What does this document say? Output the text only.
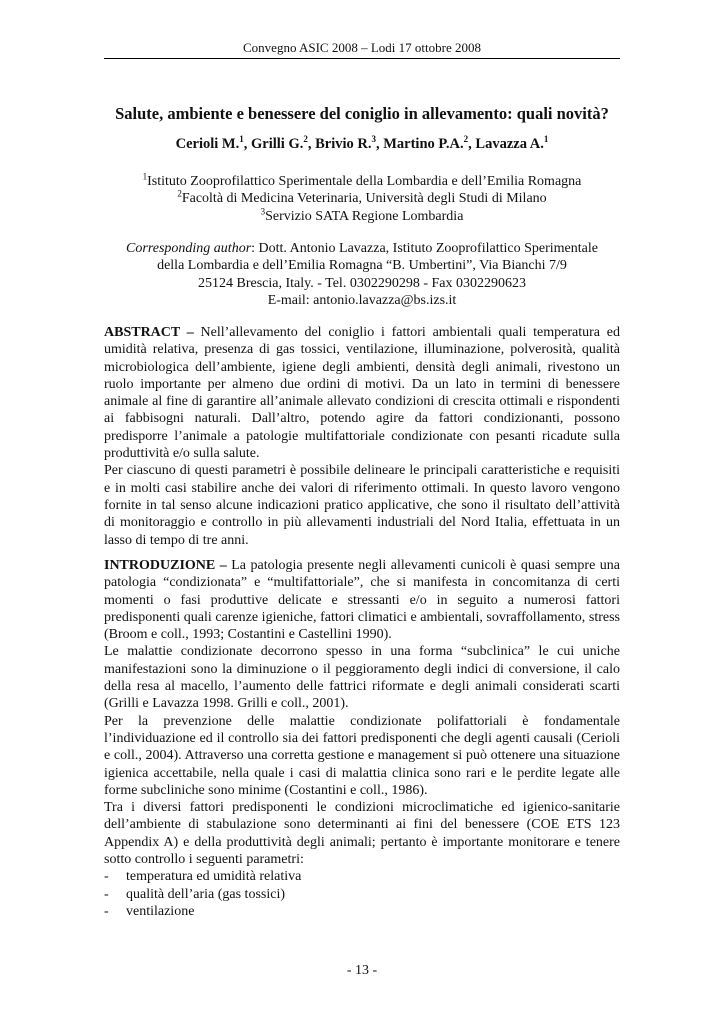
Convegno ASIC 2008 – Lodi 17 ottobre 2008
Salute, ambiente e benessere del coniglio in allevamento: quali novità?
Cerioli M.$^1$, Grilli G.$^2$, Brivio R.$^3$, Martino P.A.$^2$, Lavazza A.$^1$
$^1$Istituto Zooprofilattico Sperimentale della Lombardia e dell’Emilia Romagna
$^2$Facoltà di Medicina Veterinaria, Università degli Studi di Milano
$^3$Servizio SATA Regione Lombardia
Corresponding author: Dott. Antonio Lavazza, Istituto Zooprofilattico Sperimentale
della Lombardia e dell’Emilia Romagna “B. Umbertini”, Via Bianchi 7/9
25124 Brescia, Italy. - Tel. 0302290298 - Fax 0302290623
E-mail: antonio.lavazza@bs.izs.it

ABSTRACT – Nell’allevamento del coniglio i fattori ambientali quali temperatura ed umidità relativa, presenza di gas tossici, ventilazione, illuminazione, polverosità, qualità microbiologica dell’ambiente, igiene degli ambienti, densità degli animali, rivestono un ruolo importante per almeno due ordini di motivi. Da un lato in termini di benessere animale al fine di garantire all’animale allevato condizioni di crescita ottimali e rispondenti ai fabbisogni naturali. Dall’altro, potendo agire da fattori condizionanti, possono predisporre l’animale a patologie multifattoriale condizionate con pesanti ricadute sulla produttività e/o sulla salute.

Per ciascuno di questi parametri è possibile delineare le principali caratteristiche e requisiti e in molti casi stabilire anche dei valori di riferimento ottimali. In questo lavoro vengono fornite in tal senso alcune indicazioni pratico applicative, che sono il risultato dell’attività di monitoraggio e controllo in più allevamenti industriali del Nord Italia, effettuata in un lasso di tempo di tre anni.

INTRODUZIONE – La patologia presente negli allevamenti cunicoli è quasi sempre una patologia “condizionata” e “multifattoriale”, che si manifesta in concomitanza di certi momenti o fasi produttive delicate e stressanti e/o in seguito a numerosi fattori predisponenti quali carenze igieniche, fattori climatici e ambientali, sovraffollamento, stress (Broom e coll., 1993; Costantini e Castellini 1990).

Le malattie condizionate decorrono spesso in una forma “subclinica” le cui uniche manifestazioni sono la diminuzione o il peggioramento degli indici di conversione, il calo della resa al macello, l’aumento delle fattrici riformate e degli animali considerati scarti (Grilli e Lavazza 1998. Grilli e coll., 2001).

Per la prevenzione delle malattie condizionate polifattoriali è fondamentale l’individuazione ed il controllo sia dei fattori predisponenti che degli agenti causali (Cerioli e coll., 2004). Attraverso una corretta gestione e management si può ottenere una situazione igienica accettabile, nella quale i casi di malattia clinica sono rari e le perdite legate alle forme subcliniche sono minime (Costantini e coll., 1986).

Tra i diversi fattori predisponenti le condizioni microclimatiche ed igienico-sanitarie dell’ambiente di stabulazione sono determinanti ai fini del benessere (COE ETS 123 Appendix A) e della produttività degli animali; pertanto è importante monitorare e tenere sotto controllo i seguenti parametri:

- temperatura ed umidità relativa
- qualità dell’aria (gas tossici)
- ventilazione
- 13 -
